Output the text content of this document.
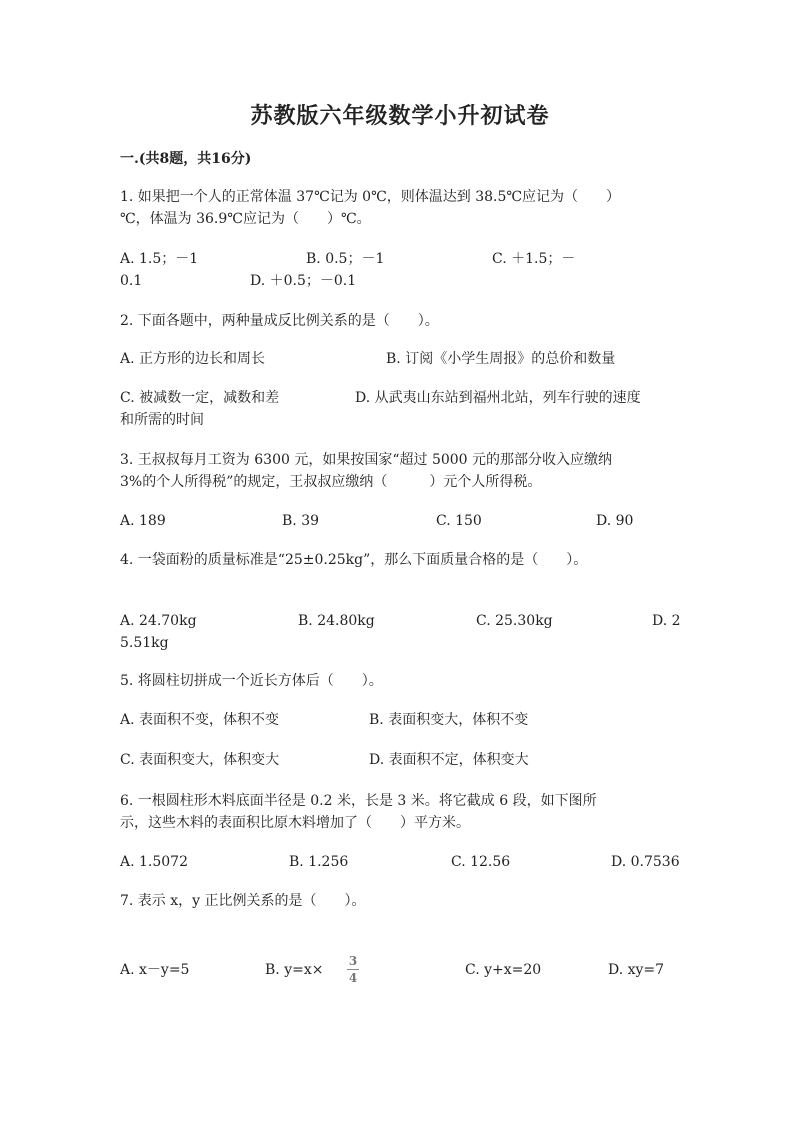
苏教版六年级数学小升初试卷
一.(共8题，共16分)
1. 如果把一个人的正常体温 37℃记为 0℃，则体温达到 38.5℃应记为（　　）
℃，体温为 36.9℃应记为（　　）℃。
A. 1.5；－1	B. 0.5；－1	C. ＋1.5；－
0.1	D. ＋0.5；－0.1
2. 下面各题中，两种量成反比例关系的是（　　）。
A. 正方形的边长和周长	B. 订阅《小学生周报》的总价和数量
C. 被减数一定，减数和差	D. 从武夷山东站到福州北站，列车行驶的速度
和所需的时间
3. 王叔叔每月工资为 6300 元，如果按国家“超过 5000 元的那部分收入应缴纳
3%的个人所得税”的规定，王叔叔应缴纳（　　　）元个人所得税。
A. 189	B. 39	C. 150	D. 90
4. 一袋面粉的质量标准是“25±0.25kg”，那么下面质量合格的是（　　）。
A. 24.70kg	B. 24.80kg	C. 25.30kg	D. 2
5.51kg
5. 将圆柱切拼成一个近长方体后（　　）。
A. 表面积不变，体积不变	B. 表面积变大，体积不变
C. 表面积变大，体积变大	D. 表面积不定，体积变大
6. 一根圆柱形木料底面半径是 0.2 米，长是 3 米。将它截成 6 段，如下图所
示，这些木料的表面积比原木料增加了（　　）平方米。
A. 1.5072	B. 1.256	C. 12.56	D. 0.7536
7. 表示 x，y 正比例关系的是（　　）。
A. x－y=5	B. y=x×
3
4	C. y+x=20	D. xy=7
